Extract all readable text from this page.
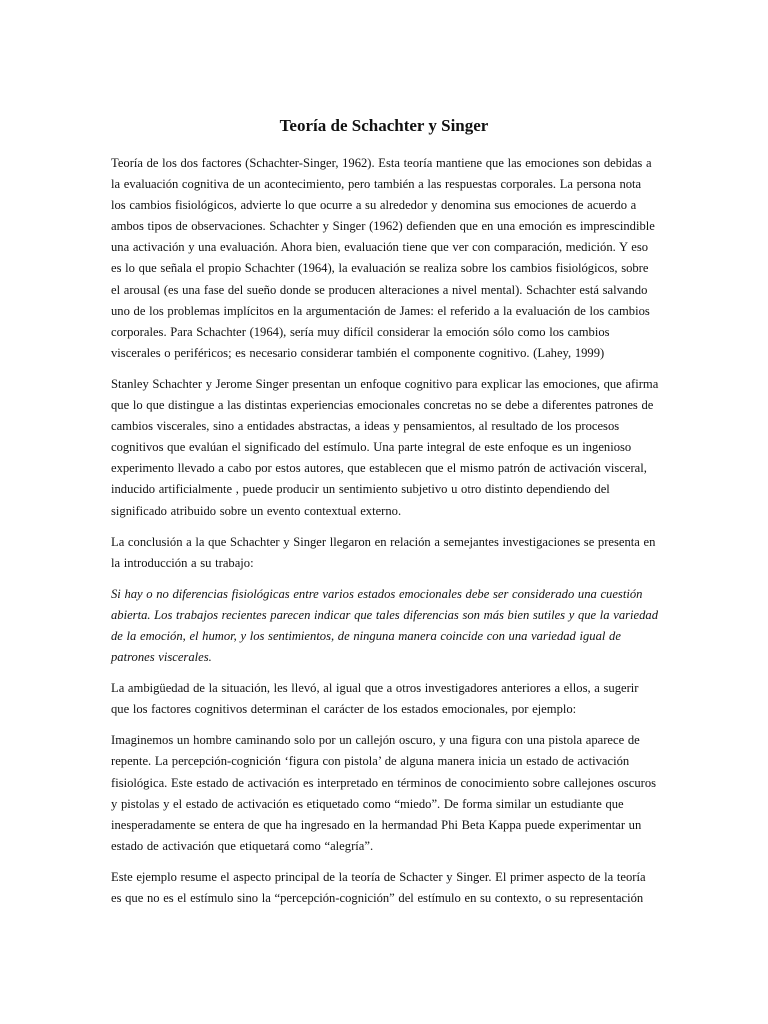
Teoría de Schachter y Singer

Teoría de los dos factores (Schachter-Singer, 1962). Esta teoría mantiene que las emociones son debidas a la evaluación cognitiva de un acontecimiento, pero también a las respuestas corporales. La persona nota los cambios fisiológicos, advierte lo que ocurre a su alrededor y denomina sus emociones de acuerdo a ambos tipos de observaciones. Schachter y Singer (1962) defienden que en una emoción es imprescindible una activación y una evaluación. Ahora bien, evaluación tiene que ver con comparación, medición. Y eso es lo que señala el propio Schachter (1964), la evaluación se realiza sobre los cambios fisiológicos, sobre el arousal (es una fase del sueño donde se producen alteraciones a nivel mental). Schachter está salvando uno de los problemas implícitos en la argumentación de James: el referido a la evaluación de los cambios corporales. Para Schachter (1964), sería muy difícil considerar la emoción sólo como los cambios viscerales o periféricos; es necesario considerar también el componente cognitivo. (Lahey, 1999)

Stanley Schachter y Jerome Singer presentan un enfoque cognitivo para explicar las emociones, que afirma que lo que distingue a las distintas experiencias emocionales concretas no se debe a diferentes patrones de cambios viscerales, sino a entidades abstractas, a ideas y pensamientos, al resultado de los procesos cognitivos que evalúan el significado del estímulo. Una parte integral de este enfoque es un ingenioso experimento llevado a cabo por estos autores, que establecen que el mismo patrón de activación visceral, inducido artificialmente , puede producir un sentimiento subjetivo u otro distinto dependiendo del significado atribuido sobre un evento contextual externo.

La conclusión a la que Schachter y Singer llegaron en relación a semejantes investigaciones se presenta en la introducción a su trabajo:

Si hay o no diferencias fisiológicas entre varios estados emocionales debe ser considerado una cuestión abierta. Los trabajos recientes parecen indicar que tales diferencias son más bien sutiles y que la variedad de la emoción, el humor, y los sentimientos, de ninguna manera coincide con una variedad igual de patrones viscerales.

La ambigüedad de la situación, les llevó, al igual que a otros investigadores anteriores a ellos, a sugerir que los factores cognitivos determinan el carácter de los estados emocionales, por ejemplo:

Imaginemos un hombre caminando solo por un callejón oscuro, y una figura con una pistola aparece de repente. La percepción-cognición ‘figura con pistola’ de alguna manera inicia un estado de activación fisiológica. Este estado de activación es interpretado en términos de conocimiento sobre callejones oscuros y pistolas y el estado de activación es etiquetado como “miedo”. De forma similar un estudiante que inesperadamente se entera de que ha ingresado en la hermandad Phi Beta Kappa puede experimentar un estado de activación que etiquetará como “alegría”.

Este ejemplo resume el aspecto principal de la teoría de Schacter y Singer. El primer aspecto de la teoría es que no es el estímulo sino la “percepción-cognición” del estímulo en su contexto, o su representación
